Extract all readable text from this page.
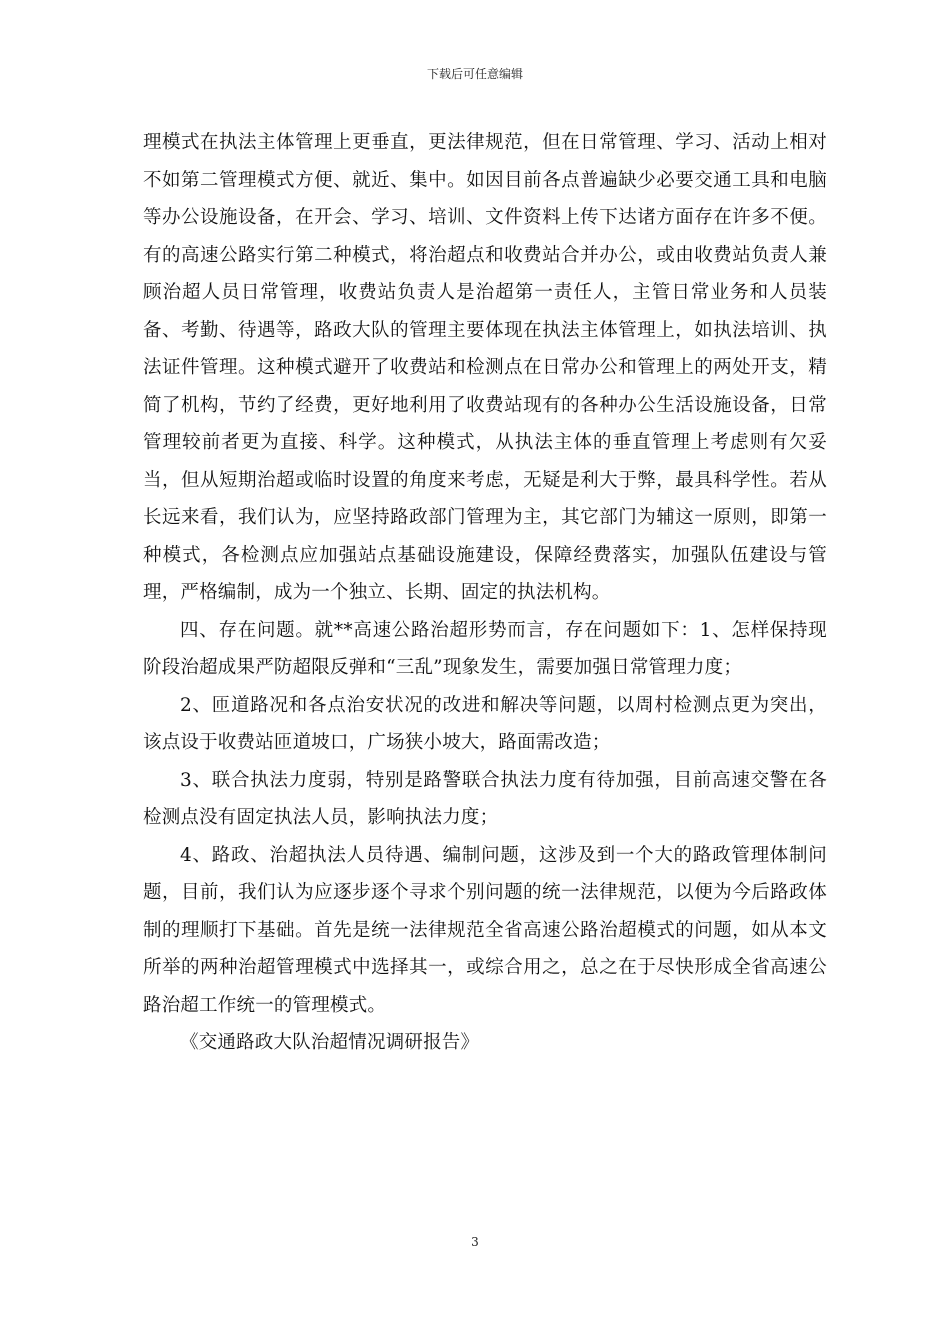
下载后可任意编辑

理模式在执法主体管理上更垂直，更法律规范，但在日常管理、学习、活动上相对不如第二管理模式方便、就近、集中。如因目前各点普遍缺少必要交通工具和电脑等办公设施设备，在开会、学习、培训、文件资料上传下达诸方面存在许多不便。有的高速公路实行第二种模式，将治超点和收费站合并办公，或由收费站负责人兼顾治超人员日常管理，收费站负责人是治超第一责任人，主管日常业务和人员装备、考勤、待遇等，路政大队的管理主要体现在执法主体管理上，如执法培训、执法证件管理。这种模式避开了收费站和检测点在日常办公和管理上的两处开支，精简了机构，节约了经费，更好地利用了收费站现有的各种办公生活设施设备，日常管理较前者更为直接、科学。这种模式，从执法主体的垂直管理上考虑则有欠妥当，但从短期治超或临时设置的角度来考虑，无疑是利大于弊，最具科学性。若从长远来看，我们认为，应坚持路政部门管理为主，其它部门为辅这一原则，即第一种模式，各检测点应加强站点基础设施建设，保障经费落实，加强队伍建设与管理，严格编制，成为一个独立、长期、固定的执法机构。

四、存在问题。就**高速公路治超形势而言，存在问题如下：1、怎样保持现阶段治超成果严防超限反弹和“三乱”现象发生，需要加强日常管理力度；

2、匝道路况和各点治安状况的改进和解决等问题，以周村检测点更为突出，该点设于收费站匝道坡口，广场狭小坡大，路面需改造；

3、联合执法力度弱，特别是路警联合执法力度有待加强，目前高速交警在各检测点没有固定执法人员，影响执法力度；

4、路政、治超执法人员待遇、编制问题，这涉及到一个大的路政管理体制问题，目前，我们认为应逐步逐个寻求个别问题的统一法律规范，以便为今后路政体制的理顺打下基础。首先是统一法律规范全省高速公路治超模式的问题，如从本文所举的两种治超管理模式中选择其一，或综合用之，总之在于尽快形成全省高速公路治超工作统一的管理模式。

《交通路政大队治超情况调研报告》

3
